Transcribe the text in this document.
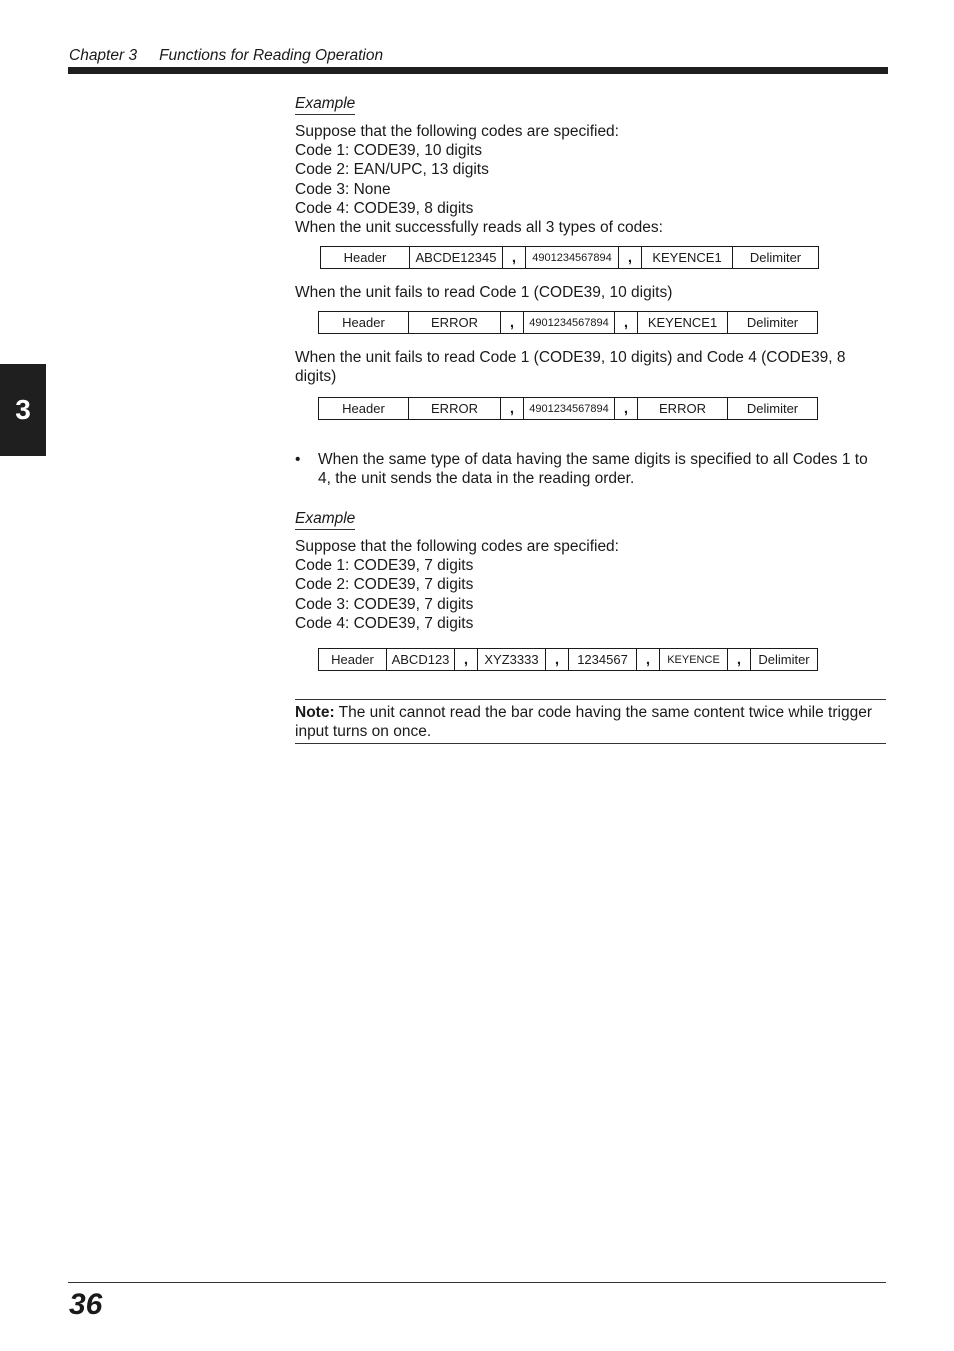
Chapter 3 Functions for Reading Operation
3
Example
Suppose that the following codes are specified:
Code 1: CODE39, 10 digits
Code 2: EAN/UPC, 13 digits
Code 3: None
Code 4: CODE39, 8 digits
When the unit successfully reads all 3 types of codes:
Header	ABCDE12345	,	4901234567894	,	KEYENCE1	Delimiter
When the unit fails to read Code 1 (CODE39, 10 digits)
Header	ERROR	,	4901234567894	,	KEYENCE1	Delimiter
When the unit fails to read Code 1 (CODE39, 10 digits) and Code 4 (CODE39, 8
digits)
Header	ERROR	,	4901234567894	,	ERROR	Delimiter
• When the same type of data having the same digits is specified to all Codes 1 to 4, the unit sends the data in the reading order.
Example
Suppose that the following codes are specified:
Code 1: CODE39, 7 digits
Code 2: CODE39, 7 digits
Code 3: CODE39, 7 digits
Code 4: CODE39, 7 digits
Header	ABCD123	,	XYZ3333	,	1234567	,	KEYENCE	,	Delimiter
Note: The unit cannot read the bar code having the same content twice while trigger input turns on once.
36
